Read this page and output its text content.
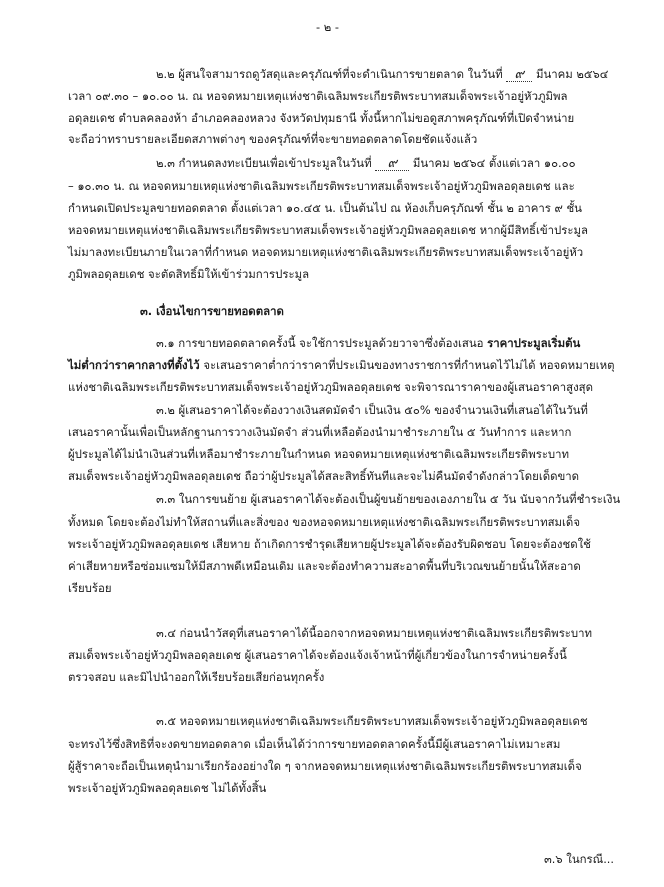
- ๒ -
๒.๒ ผู้สนใจสามารถดูวัสดุและครุภัณฑ์ที่จะดำเนินการขายตลาด ในวันที่ ๙ มีนาคม ๒๕๖๔
เวลา ๐๙.๓๐ – ๑๐.๐๐ น. ณ หอจดหมายเหตุแห่งชาติเฉลิมพระเกียรติพระบาทสมเด็จพระเจ้าอยู่หัวภูมิพล
อดุลยเดช ตำบลคลองห้า อำเภอคลองหลวง จังหวัดปทุมธานี ทั้งนี้หากไม่ขอดูสภาพครุภัณฑ์ที่เปิดจำหน่าย
จะถือว่าทราบรายละเอียดสภาพต่างๆ ของครุภัณฑ์ที่จะขายทอดตลาดโดยชัดแจ้งแล้ว
๒.๓ กำหนดลงทะเบียนเพื่อเข้าประมูลในวันที่ ๙ มีนาคม ๒๕๖๔ ตั้งแต่เวลา ๑๐.๐๐
– ๑๐.๓๐ น. ณ หอจดหมายเหตุแห่งชาติเฉลิมพระเกียรติพระบาทสมเด็จพระเจ้าอยู่หัวภูมิพลอดุลยเดช และ
กำหนดเปิดประมูลขายทอดตลาด ตั้งแต่เวลา ๑๐.๔๕ น. เป็นต้นไป ณ ห้องเก็บครุภัณฑ์ ชั้น ๒ อาคาร ๙ ชั้น
หอจดหมายเหตุแห่งชาติเฉลิมพระเกียรติพระบาทสมเด็จพระเจ้าอยู่หัวภูมิพลอดุลยเดช หากผู้มีสิทธิ์เข้าประมูล
ไม่มาลงทะเบียนภายในเวลาที่กำหนด หอจดหมายเหตุแห่งชาติเฉลิมพระเกียรติพระบาทสมเด็จพระเจ้าอยู่หัว
ภูมิพลอดุลยเดช จะตัดสิทธิ์มิให้เข้าร่วมการประมูล
๓. เงื่อนไขการขายทอดตลาด
๓.๑ การขายทอดตลาดครั้งนี้ จะใช้การประมูลด้วยวาจาซึ่งต้องเสนอ ราคาประมูลเริ่มต้น
ไม่ต่ำกว่าราคากลางที่ตั้งไว้ จะเสนอราคาต่ำกว่าราคาที่ประเมินของทางราชการที่กำหนดไว้ไม่ได้ หอจดหมายเหตุ
แห่งชาติเฉลิมพระเกียรติพระบาทสมเด็จพระเจ้าอยู่หัวภูมิพลอดุลยเดช จะพิจารณาราคาของผู้เสนอราคาสูงสุด
๓.๒ ผู้เสนอราคาได้จะต้องวางเงินสดมัดจำ เป็นเงิน ๕๐% ของจำนวนเงินที่เสนอได้ในวันที่
เสนอราคานั้นเพื่อเป็นหลักฐานการวางเงินมัดจำ ส่วนที่เหลือต้องนำมาชำระภายใน ๕ วันทำการ และหาก
ผู้ประมูลได้ไม่นำเงินส่วนที่เหลือมาชำระภายในกำหนด หอจดหมายเหตุแห่งชาติเฉลิมพระเกียรติพระบาท
สมเด็จพระเจ้าอยู่หัวภูมิพลอดุลยเดช ถือว่าผู้ประมูลได้สละสิทธิ์ทันทีและจะไม่คืนมัดจำดังกล่าวโดยเด็ดขาด
๓.๓ ในการขนย้าย ผู้เสนอราคาได้จะต้องเป็นผู้ขนย้ายของเองภายใน ๕ วัน นับจากวันที่ชำระเงิน
ทั้งหมด โดยจะต้องไม่ทำให้สถานที่และสิ่งของ ของหอจดหมายเหตุแห่งชาติเฉลิมพระเกียรติพระบาทสมเด็จ
พระเจ้าอยู่หัวภูมิพลอดุลยเดช เสียหาย ถ้าเกิดการชำรุดเสียหายผู้ประมูลได้จะต้องรับผิดชอบ โดยจะต้องชดใช้
ค่าเสียหายหรือซ่อมแซมให้มีสภาพดีเหมือนเดิม และจะต้องทำความสะอาดพื้นที่บริเวณขนย้ายนั้นให้สะอาด
เรียบร้อย
๓.๔ ก่อนนำวัสดุที่เสนอราคาได้นี้ออกจากหอจดหมายเหตุแห่งชาติเฉลิมพระเกียรติพระบาท
สมเด็จพระเจ้าอยู่หัวภูมิพลอดุลยเดช ผู้เสนอราคาได้จะต้องแจ้งเจ้าหน้าที่ผู้เกี่ยวข้องในการจำหน่ายครั้งนี้
ตรวจสอบ และมิไปนำออกให้เรียบร้อยเสียก่อนทุกครั้ง
๓.๕ หอจดหมายเหตุแห่งชาติเฉลิมพระเกียรติพระบาทสมเด็จพระเจ้าอยู่หัวภูมิพลอดุลยเดช
จะทรงไว้ซึ่งสิทธิที่จะงดขายทอดตลาด เมื่อเห็นได้ว่าการขายทอดตลาดครั้งนี้มีผู้เสนอราคาไม่เหมาะสม
ผู้สู้ราคาจะถือเป็นเหตุนำมาเรียกร้องอย่างใด ๆ จากหอจดหมายเหตุแห่งชาติเฉลิมพระเกียรติพระบาทสมเด็จ
พระเจ้าอยู่หัวภูมิพลอดุลยเดช ไม่ได้ทั้งสิ้น
๓.๖ ในกรณี...
